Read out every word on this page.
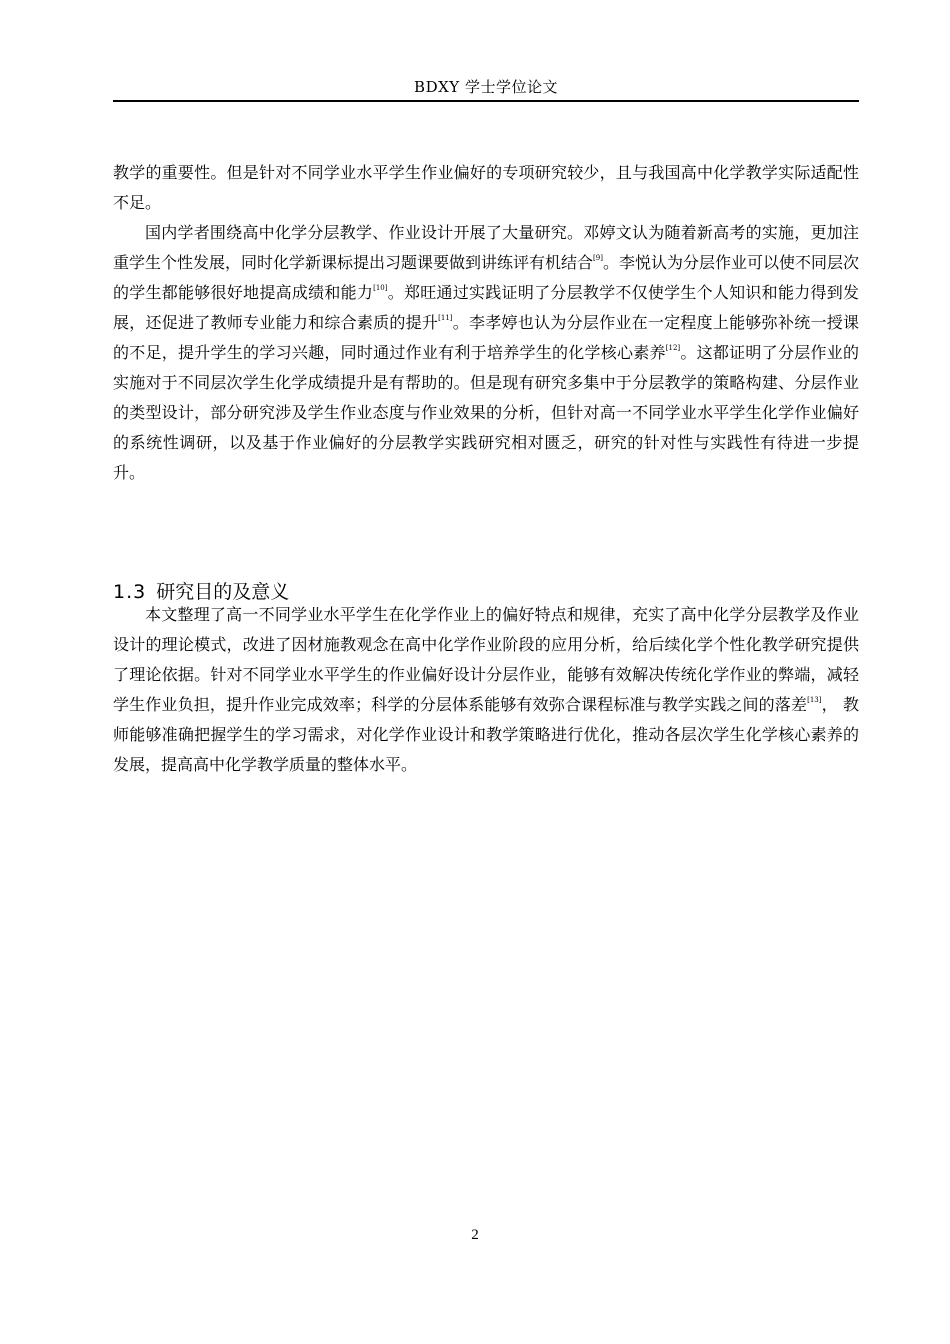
BDXY 学士学位论文

教学的重要性。但是针对不同学业水平学生作业偏好的专项研究较少，且与我国高中化学教学实际适配性不足。

国内学者围绕高中化学分层教学、作业设计开展了大量研究。邓婷文认为随着新高考的实施，更加注重学生个性发展，同时化学新课标提出习题课要做到讲练评有机结合[9]。李悦认为分层作业可以使不同层次的学生都能够很好地提高成绩和能力[10]。郑旺通过实践证明了分层教学不仅使学生个人知识和能力得到发展，还促进了教师专业能力和综合素质的提升[11]。李孝婷也认为分层作业在一定程度上能够弥补统一授课的不足，提升学生的学习兴趣，同时通过作业有利于培养学生的化学核心素养[12]。这都证明了分层作业的实施对于不同层次学生化学成绩提升是有帮助的。但是现有研究多集中于分层教学的策略构建、分层作业的类型设计，部分研究涉及学生作业态度与作业效果的分析，但针对高一不同学业水平学生化学作业偏好的系统性调研，以及基于作业偏好的分层教学实践研究相对匮乏，研究的针对性与实践性有待进一步提升。

1.3 研究目的及意义

本文整理了高一不同学业水平学生在化学作业上的偏好特点和规律，充实了高中化学分层教学及作业设计的理论模式，改进了因材施教观念在高中化学作业阶段的应用分析，给后续化学个性化教学研究提供了理论依据。针对不同学业水平学生的作业偏好设计分层作业，能够有效解决传统化学作业的弊端，减轻学生作业负担，提升作业完成效率；科学的分层体系能够有效弥合课程标准与教学实践之间的落差[13]， 教师能够准确把握学生的学习需求，对化学作业设计和教学策略进行优化，推动各层次学生化学核心素养的发展，提高高中化学教学质量的整体水平。

2
